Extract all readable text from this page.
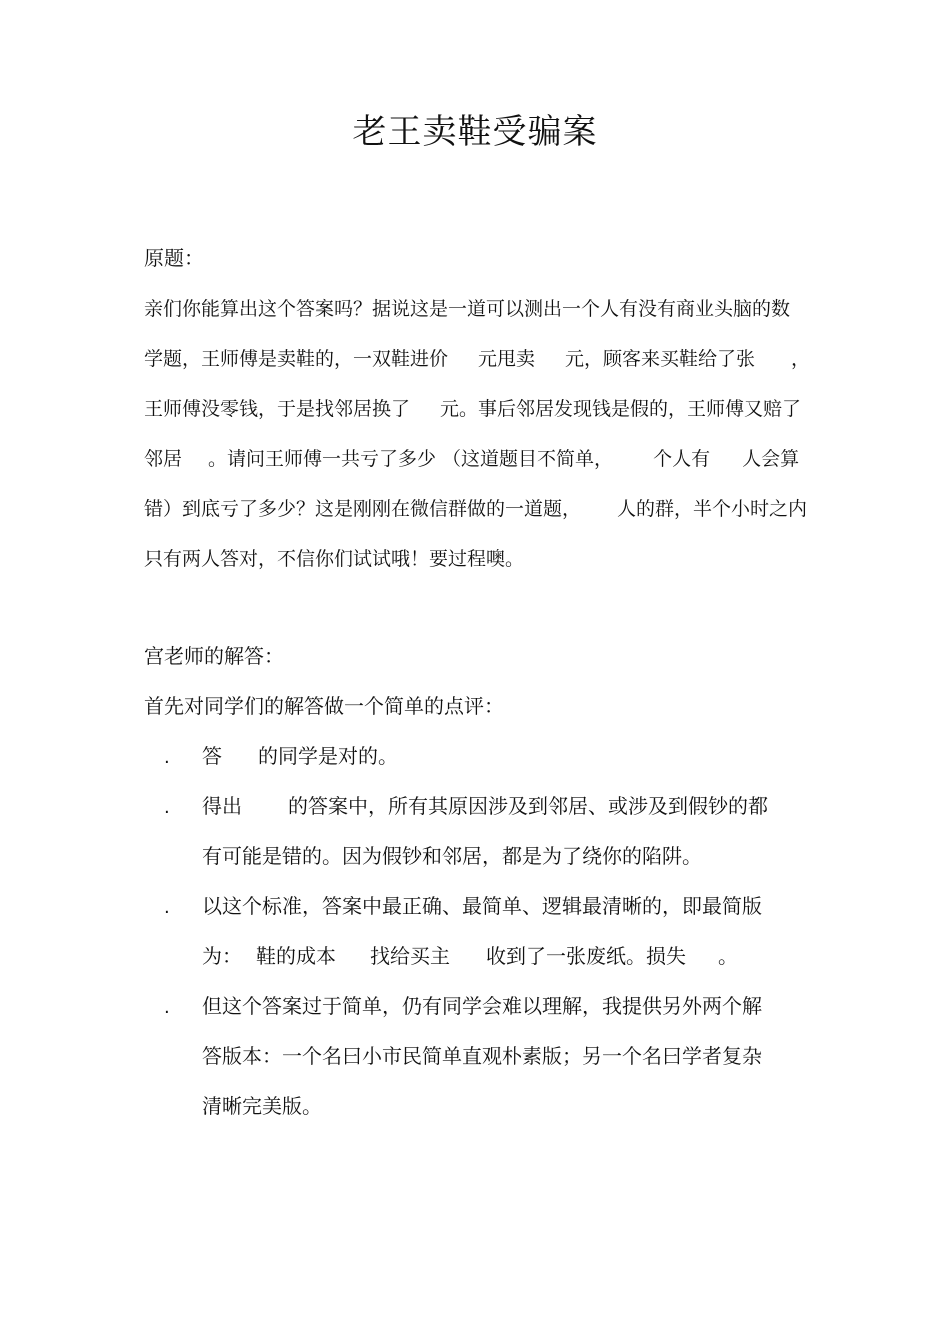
老王卖鞋受骗案

原题：

亲们你能算出这个答案吗？据说这是一道可以测出一个人有没有商业头脑的数

学题，王师傅是卖鞋的，一双鞋进价 元甩卖 元，顾客来买鞋给了张 ，

王师傅没零钱，于是找邻居换了 元。事后邻居发现钱是假的，王师傅又赔了

邻居 。请问王师傅一共亏了多少 （这道题目不简单， 个人有 人会算

错）到底亏了多少？这是刚刚在微信群做的一道题， 人的群，半个小时之内

只有两人答对，不信你们试试哦！要过程噢。

宫老师的解答：

首先对同学们的解答做一个简单的点评：

. 答 的同学是对的。

. 得出 的答案中，所有其原因涉及到邻居、或涉及到假钞的都

有可能是错的。因为假钞和邻居，都是为了绕你的陷阱。

. 以这个标准，答案中最正确、最简单、逻辑最清晰的，即最简版

为： 鞋的成本 找给买主 收到了一张废纸。损失 。

. 但这个答案过于简单，仍有同学会难以理解，我提供另外两个解

答版本：一个名曰小市民简单直观朴素版；另一个名曰学者复杂

清晰完美版。
